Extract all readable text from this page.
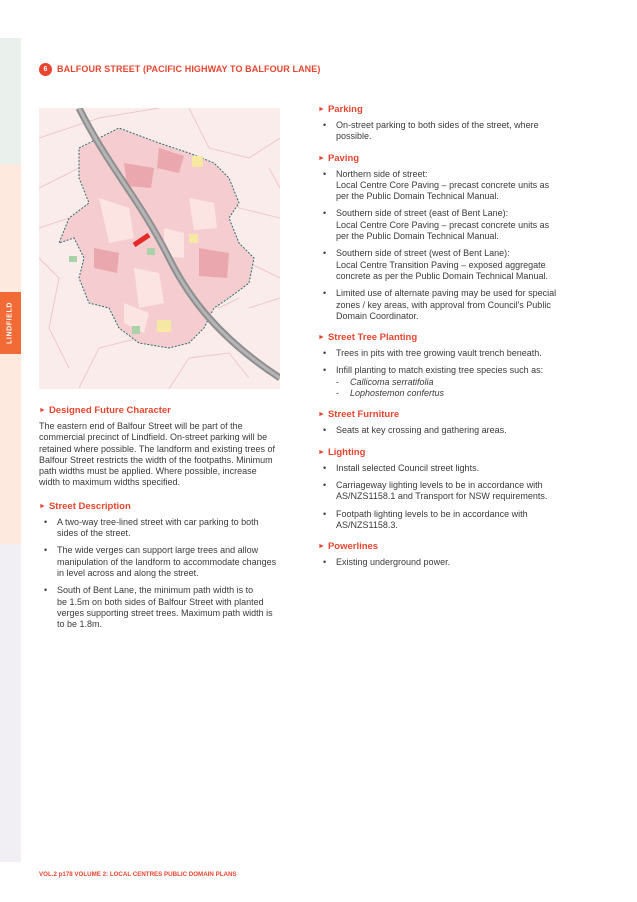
LINDFIELD
6	BALFOUR STREET (PACIFIC HIGHWAY TO BALFOUR LANE)
► Designed Future Character
The eastern end of Balfour Street will be part of the
commercial precinct of Lindfield. On-street parking will be
retained where possible. The landform and existing trees of
Balfour Street restricts the width of the footpaths. Minimum
path widths must be applied. Where possible, increase
width to maximum widths specified.
► Street Description
• A two-way tree-lined street with car parking to both
sides of the street.
• The wide verges can support large trees and allow
manipulation of the landform to accommodate changes
in level across and along the street.
• South of Bent Lane, the minimum path width is to
be 1.5m on both sides of Balfour Street with planted
verges supporting street trees. Maximum path width is
to be 1.8m.
► Parking
• On-street parking to both sides of the street, where
possible.
► Paving
• Northern side of street:
Local Centre Core Paving – precast concrete units as
per the Public Domain Technical Manual.
• Southern side of street (east of Bent Lane):
Local Centre Core Paving – precast concrete units as
per the Public Domain Technical Manual.
• Southern side of street (west of Bent Lane):
Local Centre Transition Paving – exposed aggregate
concrete as per the Public Domain Technical Manual.
• Limited use of alternate paving may be used for special
zones / key areas, with approval from Council's Public
Domain Coordinator.
► Street Tree Planting
• Trees in pits with tree growing vault trench beneath.
• Infill planting to match existing tree species such as:
- Callicoma serratifolia
- Lophostemon confertus
► Street Furniture
• Seats at key crossing and gathering areas.
► Lighting
• Install selected Council street lights.
• Carriageway lighting levels to be in accordance with
AS/NZS1158.1 and Transport for NSW requirements.
• Footpath lighting levels to be in accordance with
AS/NZS1158.3.
► Powerlines
• Existing underground power.
VOL.2 p178 VOLUME 2: LOCAL CENTRES PUBLIC DOMAIN PLANS
